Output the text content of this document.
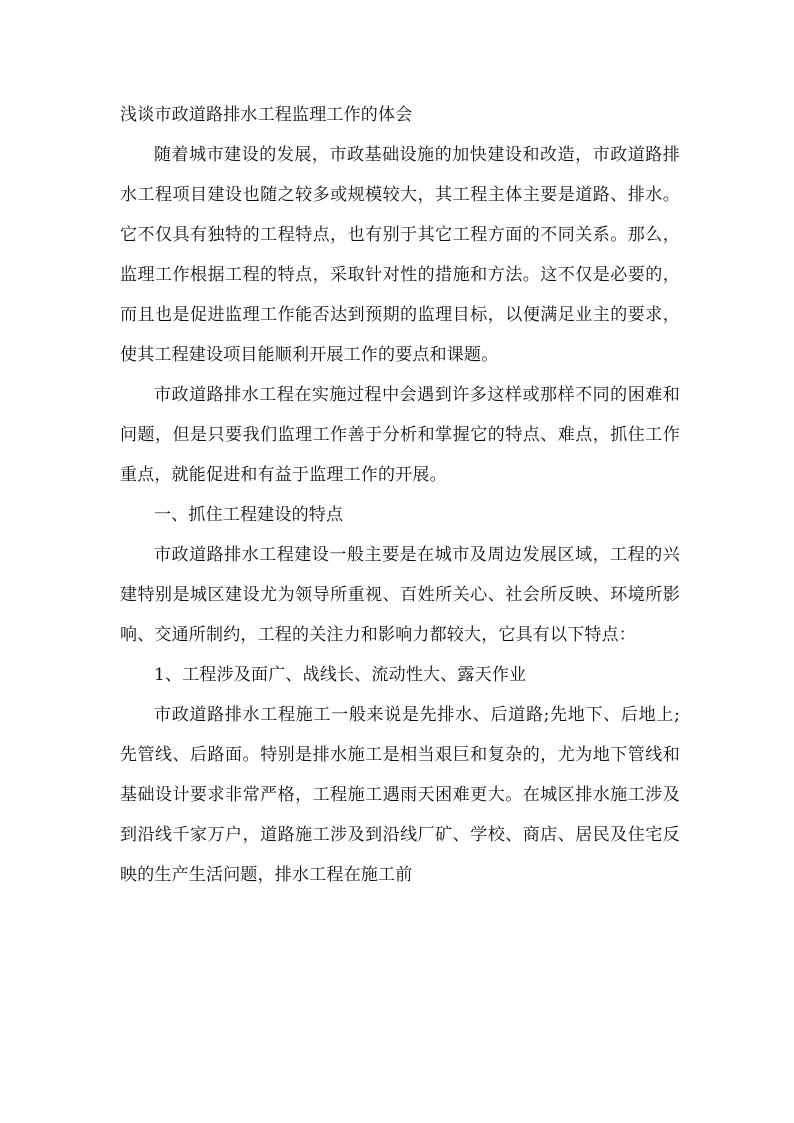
浅谈市政道路排水工程监理工作的体会

随着城市建设的发展，市政基础设施的加快建设和改造，市政道路排水工程项目建设也随之较多或规模较大，其工程主体主要是道路、排水。它不仅具有独特的工程特点，也有别于其它工程方面的不同关系。那么，监理工作根据工程的特点，采取针对性的措施和方法。这不仅是必要的，而且也是促进监理工作能否达到预期的监理目标，以便满足业主的要求，使其工程建设项目能顺利开展工作的要点和课题。

市政道路排水工程在实施过程中会遇到许多这样或那样不同的困难和问题，但是只要我们监理工作善于分析和掌握它的特点、难点，抓住工作重点，就能促进和有益于监理工作的开展。

一、抓住工程建设的特点

市政道路排水工程建设一般主要是在城市及周边发展区域，工程的兴建特别是城区建设尤为领导所重视、百姓所关心、社会所反映、环境所影响、交通所制约，工程的关注力和影响力都较大，它具有以下特点：

1、工程涉及面广、战线长、流动性大、露天作业

市政道路排水工程施工一般来说是先排水、后道路;先地下、后地上;先管线、后路面。特别是排水施工是相当艰巨和复杂的，尤为地下管线和基础设计要求非常严格，工程施工遇雨天困难更大。在城区排水施工涉及到沿线千家万户，道路施工涉及到沿线厂矿、学校、商店、居民及住宅反映的生产生活问题，排水工程在施工前
